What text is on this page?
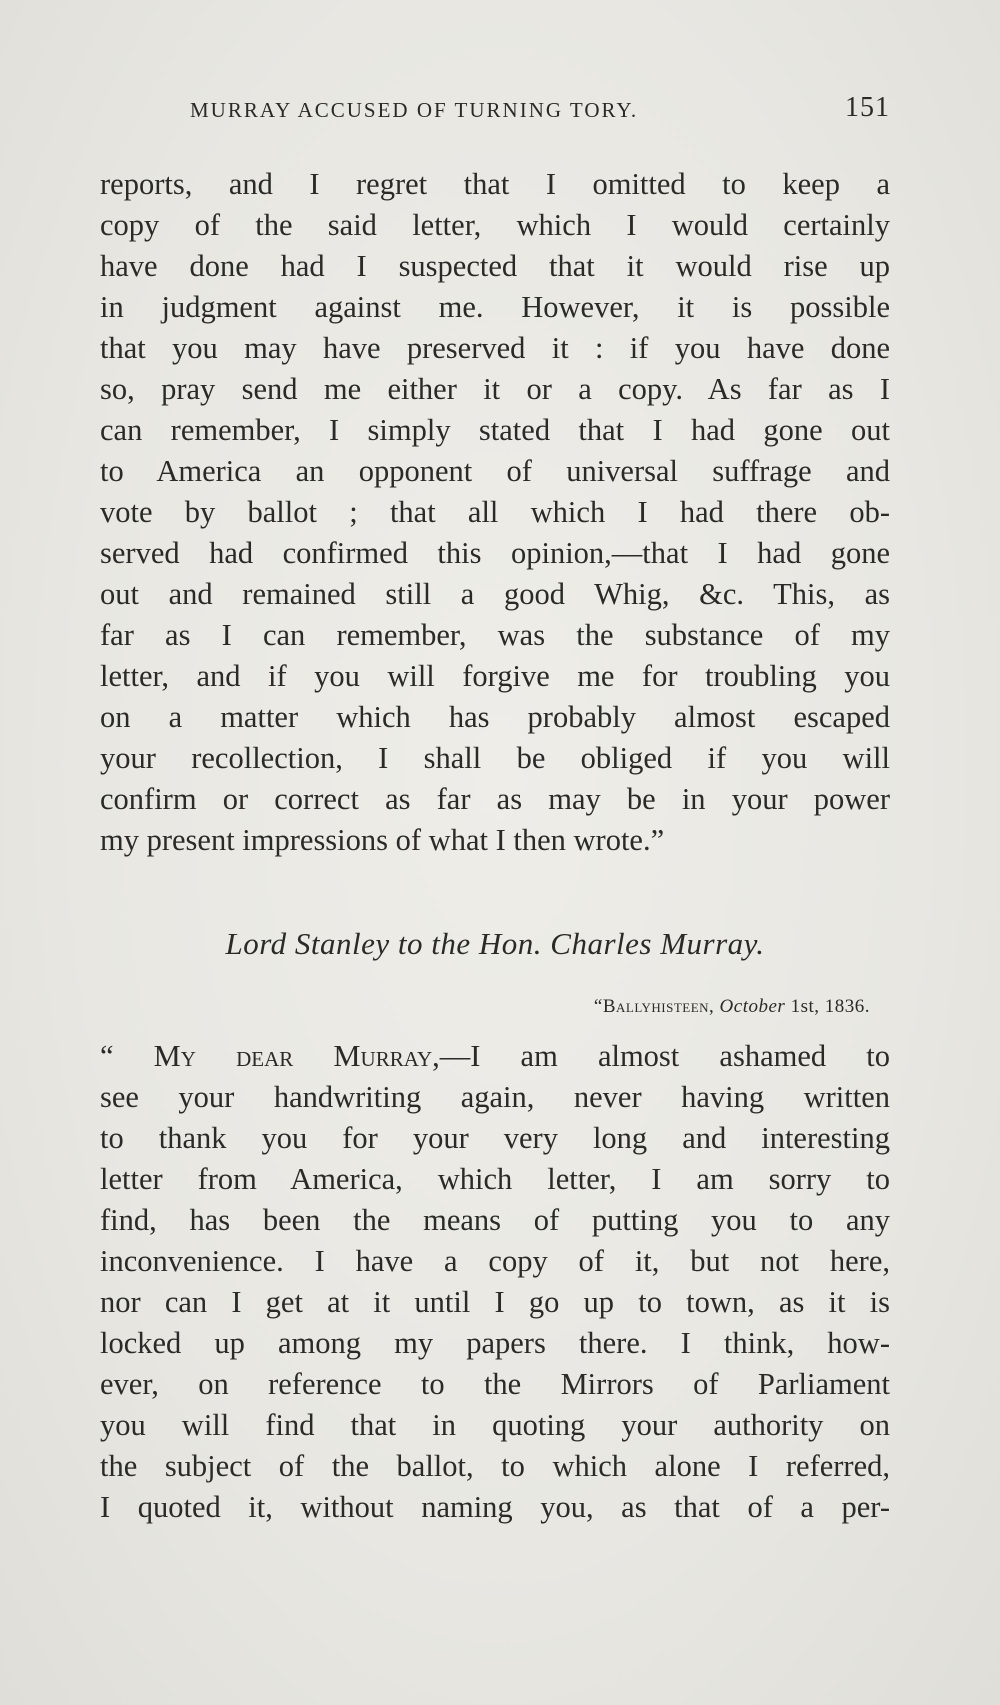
MURRAY ACCUSED OF TURNING TORY.	151
reports, and I regret that I omitted to keep a
copy of the said letter, which I would certainly
have done had I suspected that it would rise up
in judgment against me. However, it is possible
that you may have preserved it : if you have done
so, pray send me either it or a copy. As far as I
can remember, I simply stated that I had gone out
to America an opponent of universal suffrage and
vote by ballot ; that all which I had there ob-
served had confirmed this opinion,—that I had gone
out and remained still a good Whig, &c. This, as
far as I can remember, was the substance of my
letter, and if you will forgive me for troubling you
on a matter which has probably almost escaped
your recollection, I shall be obliged if you will
confirm or correct as far as may be in your power
my present impressions of what I then wrote.”
Lord Stanley to the Hon. Charles Murray.
“Ballyhisteen, October 1st, 1836.
“ My dear Murray,—I am almost ashamed to
see your handwriting again, never having written
to thank you for your very long and interesting
letter from America, which letter, I am sorry to
find, has been the means of putting you to any
inconvenience. I have a copy of it, but not here,
nor can I get at it until I go up to town, as it is
locked up among my papers there. I think, how-
ever, on reference to the Mirrors of Parliament
you will find that in quoting your authority on
the subject of the ballot, to which alone I referred,
I quoted it, without naming you, as that of a per-
